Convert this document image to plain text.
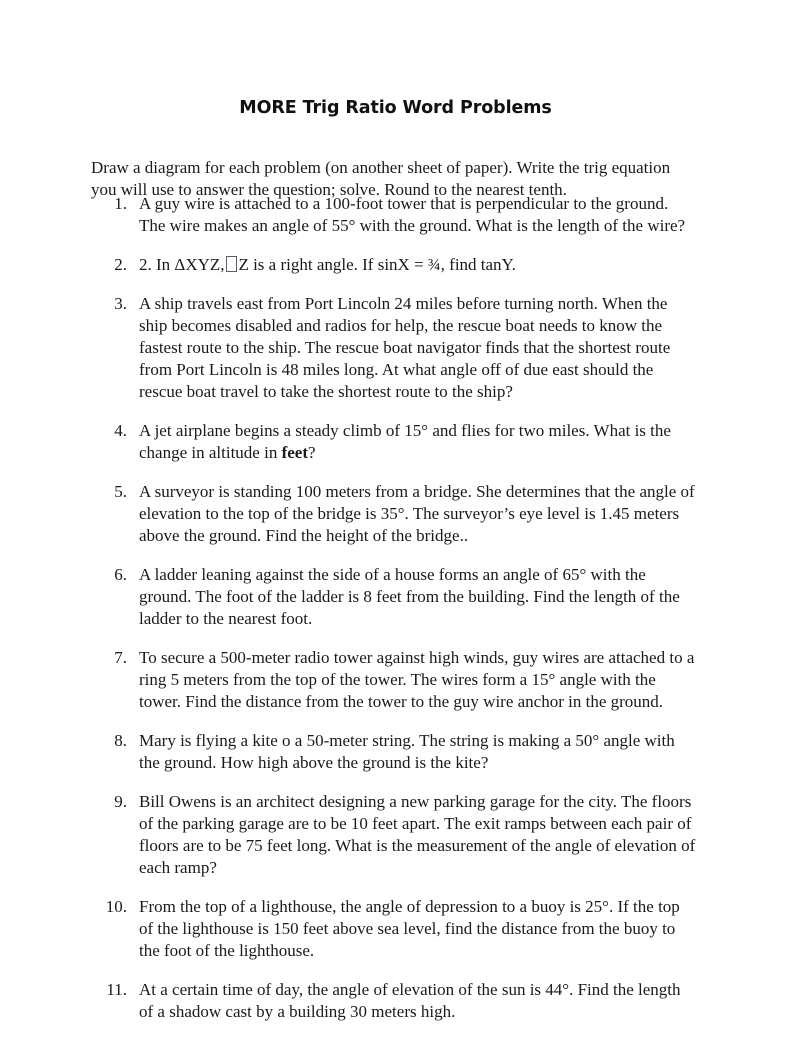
MORE Trig Ratio Word Problems

Draw a diagram for each problem (on another sheet of paper). Write the trig equation you will use to answer the question; solve. Round to the nearest tenth.

1. A guy wire is attached to a 100-foot tower that is perpendicular to the ground. The wire makes an angle of 55° with the ground. What is the length of the wire?
2. 2. In ΔXYZ, Z is a right angle. If sinX = ¾, find tanY.
3. A ship travels east from Port Lincoln 24 miles before turning north. When the ship becomes disabled and radios for help, the rescue boat needs to know the fastest route to the ship. The rescue boat navigator finds that the shortest route from Port Lincoln is 48 miles long. At what angle off of due east should the rescue boat travel to take the shortest route to the ship?
4. A jet airplane begins a steady climb of 15° and flies for two miles. What is the change in altitude in feet?
5. A surveyor is standing 100 meters from a bridge. She determines that the angle of elevation to the top of the bridge is 35°. The surveyor’s eye level is 1.45 meters above the ground. Find the height of the bridge..
6. A ladder leaning against the side of a house forms an angle of 65° with the ground. The foot of the ladder is 8 feet from the building. Find the length of the ladder to the nearest foot.
7. To secure a 500-meter radio tower against high winds, guy wires are attached to a ring 5 meters from the top of the tower. The wires form a 15° angle with the tower. Find the distance from the tower to the guy wire anchor in the ground.
8. Mary is flying a kite o a 50-meter string. The string is making a 50° angle with the ground. How high above the ground is the kite?
9. Bill Owens is an architect designing a new parking garage for the city. The floors of the parking garage are to be 10 feet apart. The exit ramps between each pair of floors are to be 75 feet long. What is the measurement of the angle of elevation of each ramp?
10. From the top of a lighthouse, the angle of depression to a buoy is 25°. If the top of the lighthouse is 150 feet above sea level, find the distance from the buoy to the foot of the lighthouse.
11. At a certain time of day, the angle of elevation of the sun is 44°. Find the length of a shadow cast by a building 30 meters high.
